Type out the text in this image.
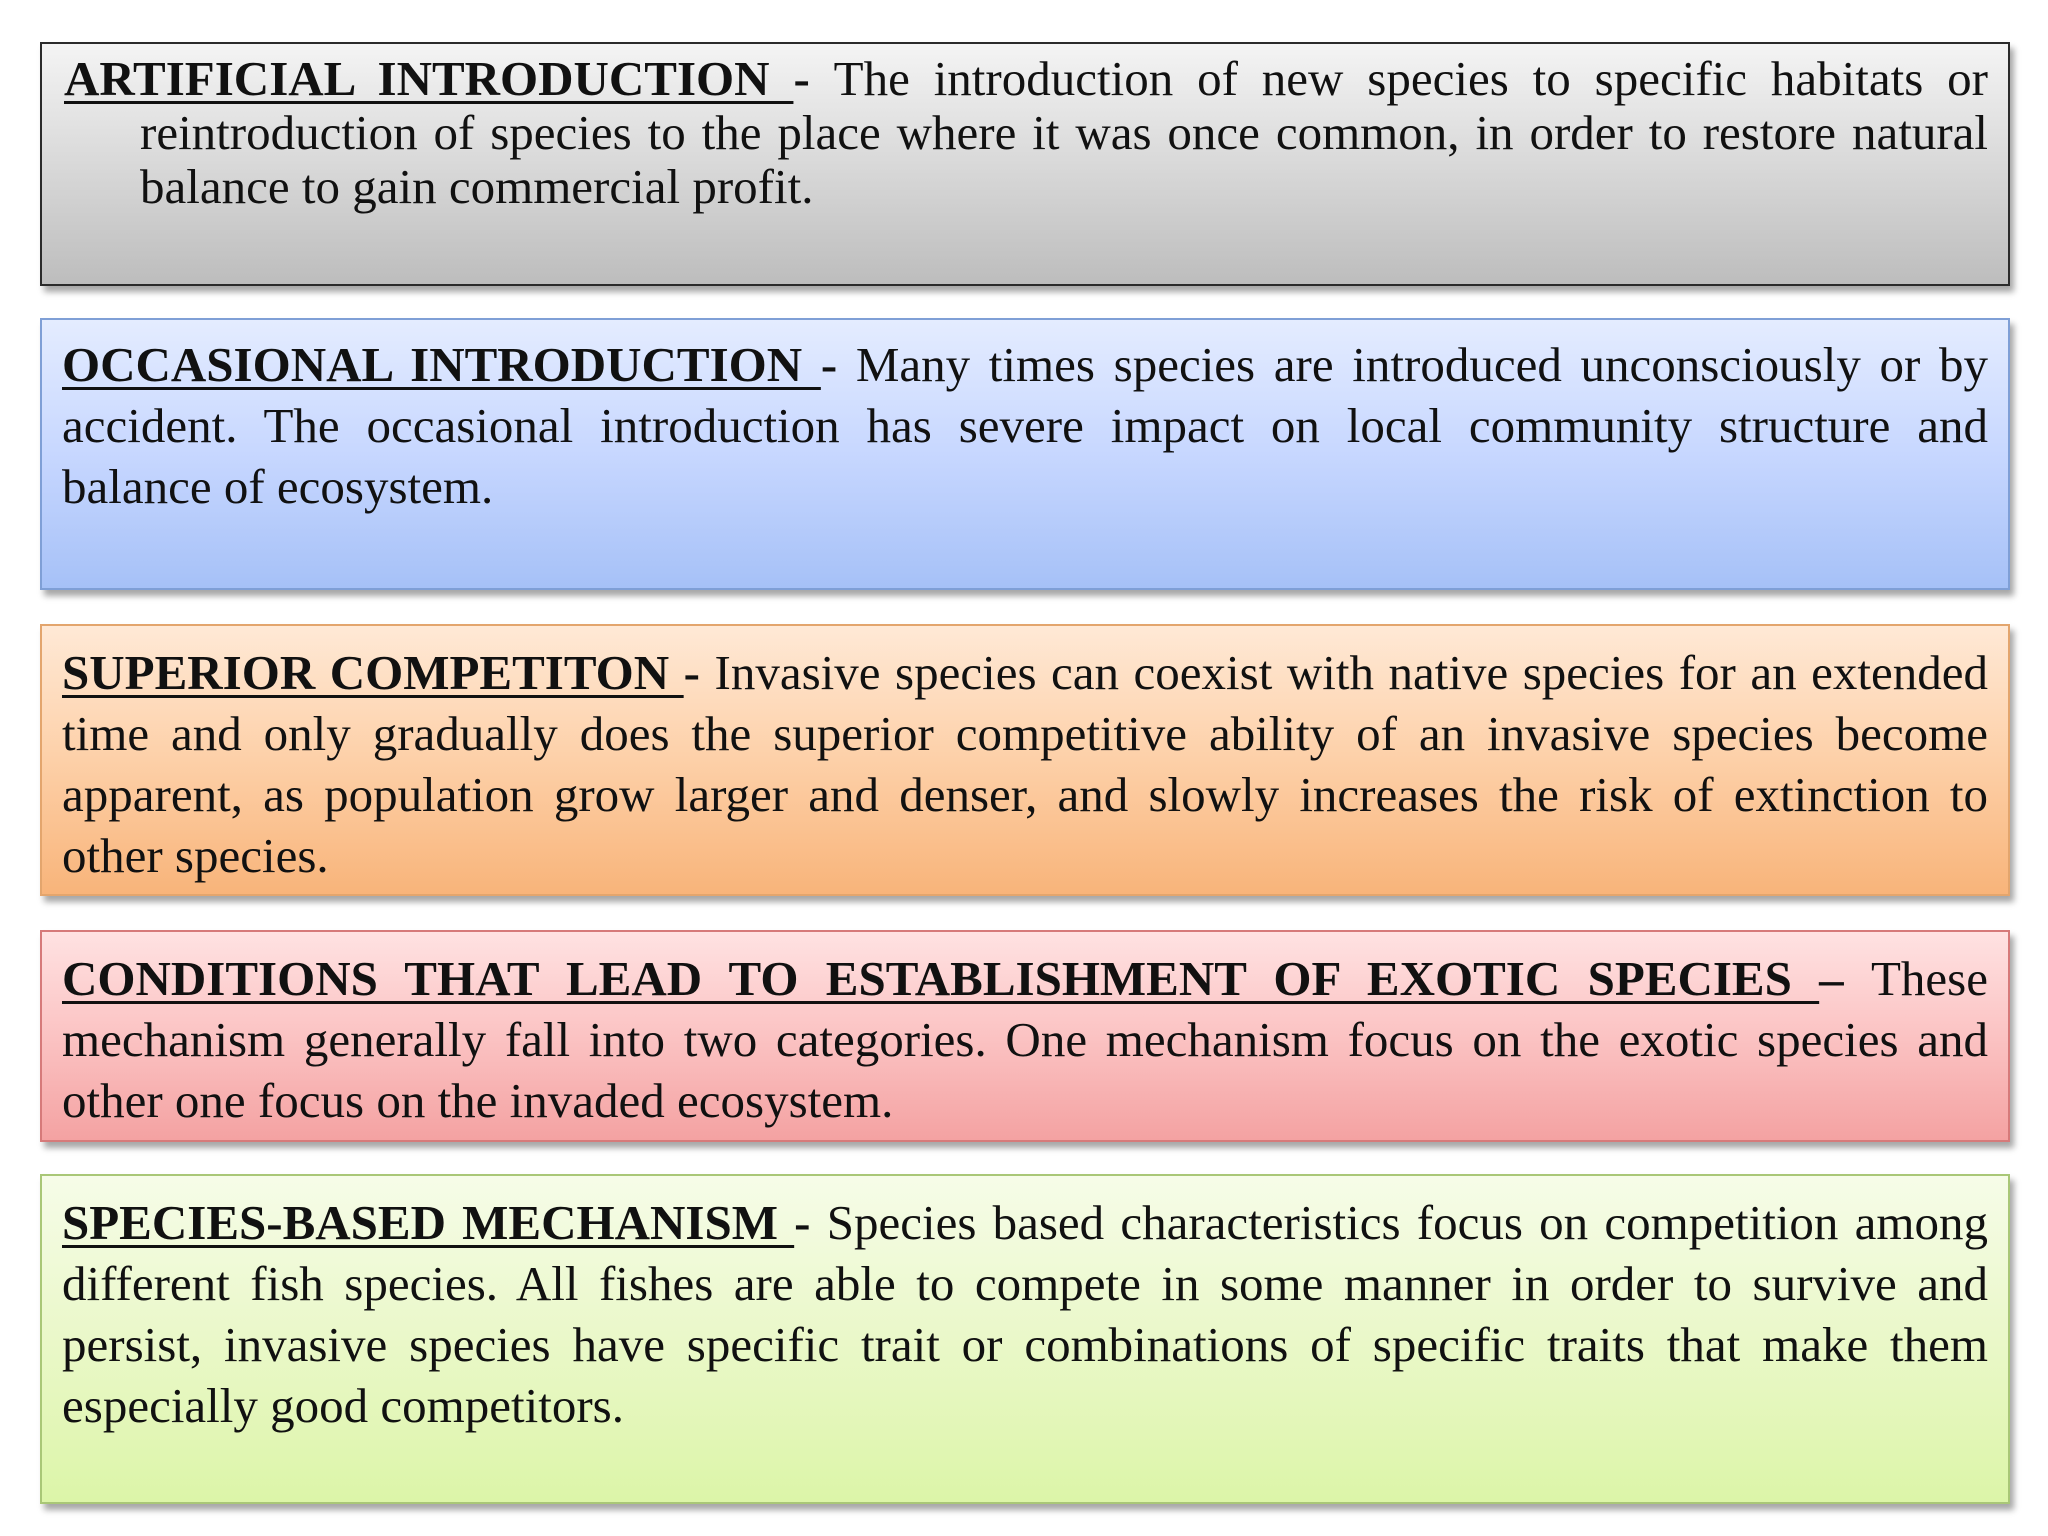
ARTIFICIAL INTRODUCTION - The introduction of new species to specific habitats or reintroduction of species to the place where it was once common, in order to restore natural balance to gain commercial profit.
OCCASIONAL INTRODUCTION - Many times species are introduced unconsciously or by accident. The occasional introduction has severe impact on local community structure and balance of ecosystem.
SUPERIOR COMPETITON - Invasive species can coexist with native species for an extended time and only gradually does the superior competitive ability of an invasive species become apparent, as population grow larger and denser, and slowly increases the risk of extinction to other species.
CONDITIONS THAT LEAD TO ESTABLISHMENT OF EXOTIC SPECIES – These mechanism generally fall into two categories. One mechanism focus on the exotic species and other one focus on the invaded ecosystem.
SPECIES-BASED MECHANISM - Species based characteristics focus on competition among different fish species. All fishes are able to compete in some manner in order to survive and persist, invasive species have specific trait or combinations of specific traits that make them especially good competitors.
